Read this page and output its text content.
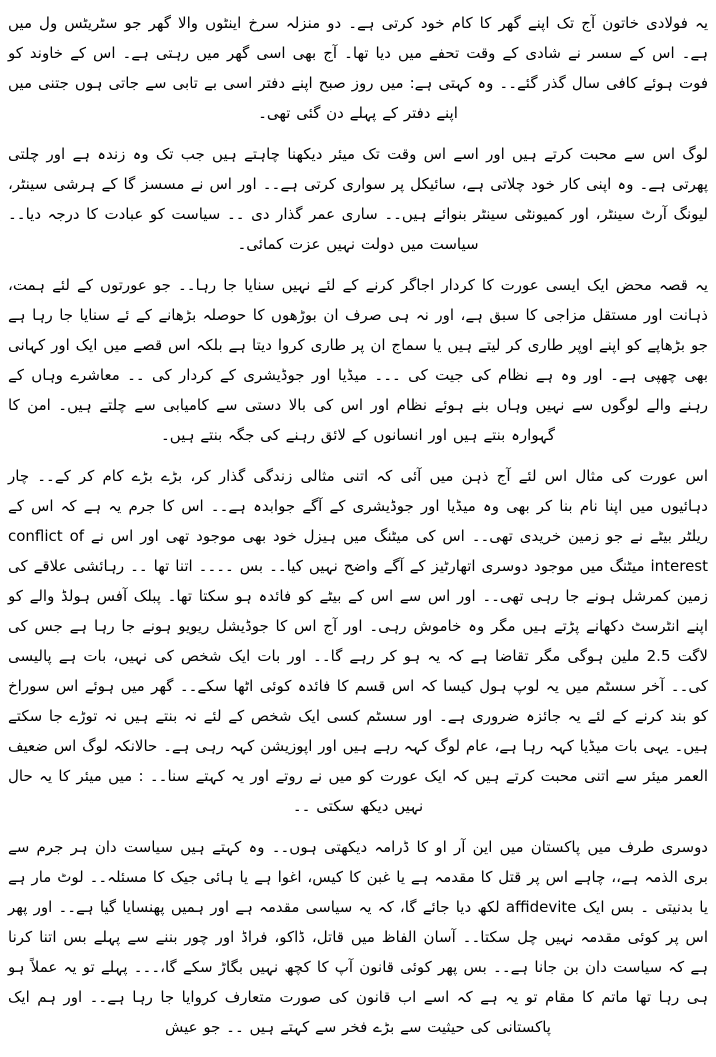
یہ فولادی خاتون آج تک اپنے گھر کا کام خود کرتی ہے۔ دو منزلہ سرخ اینٹوں والا گھر جو سٹریٹس ول میں ہے۔ اس کے سسر نے شادی کے وقت تحفے میں دیا تھا۔ آج بھی اسی گھر میں رہتی ہے۔ اس کے خاوند کو فوت ہوئے کافی سال گذر گئے۔۔ وہ کہتی ہے: میں روز صبح اپنے دفتر اسی بے تابی سے جاتی ہوں جتنی میں اپنے دفتر کے پہلے دن گئی تھی۔

لوگ اس سے محبت کرتے ہیں اور اسے اس وقت تک میئر دیکھنا چاہتے ہیں جب تک وہ زندہ ہے اور چلتی پھرتی ہے۔ وہ اپنی کار خود چلاتی ہے، سائیکل پر سواری کرتی ہے۔۔ اور اس نے مسسز گا کے ہرشی سینٹر، لیونگ آرٹ سینٹر، اور کمیونٹی سینٹر بنوائے ہیں۔۔ ساری عمر گذار دی ۔۔ سیاست کو عبادت کا درجہ دیا۔۔ سیاست میں دولت نہیں عزت کمائی۔

یہ قصہ محض ایک ایسی عورت کا کردار اجاگر کرنے کے لئے نہیں سنایا جا رہا۔۔ جو عورتوں کے لئے ہمت، ذہانت اور مستقل مزاجی کا سبق ہے، اور نہ ہی صرف ان بوڑھوں کا حوصلہ بڑھانے کے ئے سنایا جا رہا ہے جو بڑھاپے کو اپنے اوپر طاری کر لیتے ہیں یا سماج ان پر طاری کروا دیتا ہے بلکہ اس قصے میں ایک اور کہانی بھی چھپی ہے۔ اور وہ ہے نظام کی جیت کی ۔۔۔ میڈیا اور جوڈیشری کے کردار کی ۔۔ معاشرے وہاں کے رہنے والے لوگوں سے نہیں وہاں بنے ہوئے نظام اور اس کی بالا دستی سے کامیابی سے چلتے ہیں۔ امن کا گہوارہ بنتے ہیں اور انسانوں کے لائق رہنے کی جگہ بنتے ہیں۔

اس عورت کی مثال اس لئے آج ذہن میں آئی کہ اتنی مثالی زندگی گذار کر، بڑے بڑے کام کر کے۔۔ چار دہائیوں میں اپنا نام بنا کر بھی وہ میڈیا اور جوڈیشری کے آگے جوابدہ ہے۔۔ اس کا جرم یہ ہے کہ اس کے ریلٹر بیٹے نے جو زمین خریدی تھی۔۔ اس کی میٹنگ میں ہیزل خود بھی موجود تھی اور اس نے conflict of interest میٹنگ میں موجود دوسری اتھارٹیز کے آگے واضح نہیں کیا۔۔ بس ۔۔۔۔ اتنا تھا ۔۔ رہائشی علاقے کی زمین کمرشل ہونے جا رہی تھی۔۔ اور اس سے اس کے بیٹے کو فائدہ ہو سکتا تھا۔ پبلک آفس ہولڈ والے کو اپنے انٹرسٹ دکھانے پڑتے ہیں مگر وہ خاموش رہی۔ اور آج اس کا جوڈیشل ریویو ہونے جا رہا ہے جس کی لاگت 2.5 ملین ہوگی مگر تقاضا ہے کہ یہ ہو کر رہے گا۔۔ اور بات ایک شخص کی نہیں، بات ہے پالیسی کی۔۔ آخر سسٹم میں یہ لوپ ہول کیسا کہ اس قسم کا فائدہ کوئی اٹھا سکے۔۔ گھر میں ہوئے اس سوراخ کو بند کرنے کے لئے یہ جائزہ ضروری ہے۔ اور سسٹم کسی ایک شخص کے لئے نہ بنتے ہیں نہ توڑے جا سکتے ہیں۔ یہی بات میڈیا کہہ رہا ہے، عام لوگ کہہ رہے ہیں اور اپوزیشن کہہ رہی ہے۔ حالانکہ لوگ اس ضعیف العمر میئر سے اتنی محبت کرتے ہیں کہ ایک عورت کو میں نے روتے اور یہ کہتے سنا۔۔ : میں میئر کا یہ حال نہیں دیکھ سکتی ۔۔

دوسری طرف میں پاکستان میں این آر او کا ڈرامہ دیکھتی ہوں۔۔ وہ کہتے ہیں سیاست دان ہر جرم سے بری الذمہ ہے،، چاہے اس پر قتل کا مقدمہ ہے یا غبن کا کیس، اغوا ہے یا ہائی جیک کا مسئلہ۔۔ لوٹ مار ہے یا بدنیتی ۔ بس ایک affidevite لکھ دیا جائے گا، کہ یہ سیاسی مقدمہ ہے اور ہمیں پھنسایا گیا ہے۔۔ اور پھر اس پر کوئی مقدمہ نہیں چل سکتا۔۔ آسان الفاظ میں قاتل، ڈاکو، فراڈ اور چور بننے سے پہلے بس اتنا کرنا ہے کہ سیاست دان بن جانا ہے۔۔ بس پھر کوئی قانون آپ کا کچھ نہیں بگاڑ سکے گا،۔۔۔ پہلے تو یہ عملاً ہو ہی رہا تھا ماتم کا مقام تو یہ ہے کہ اسے اب قانون کی صورت متعارف کروایا جا رہا ہے۔۔ اور ہم ایک پاکستانی کی حیثیت سے بڑے فخر سے کہتے ہیں ۔۔ جو عیش
